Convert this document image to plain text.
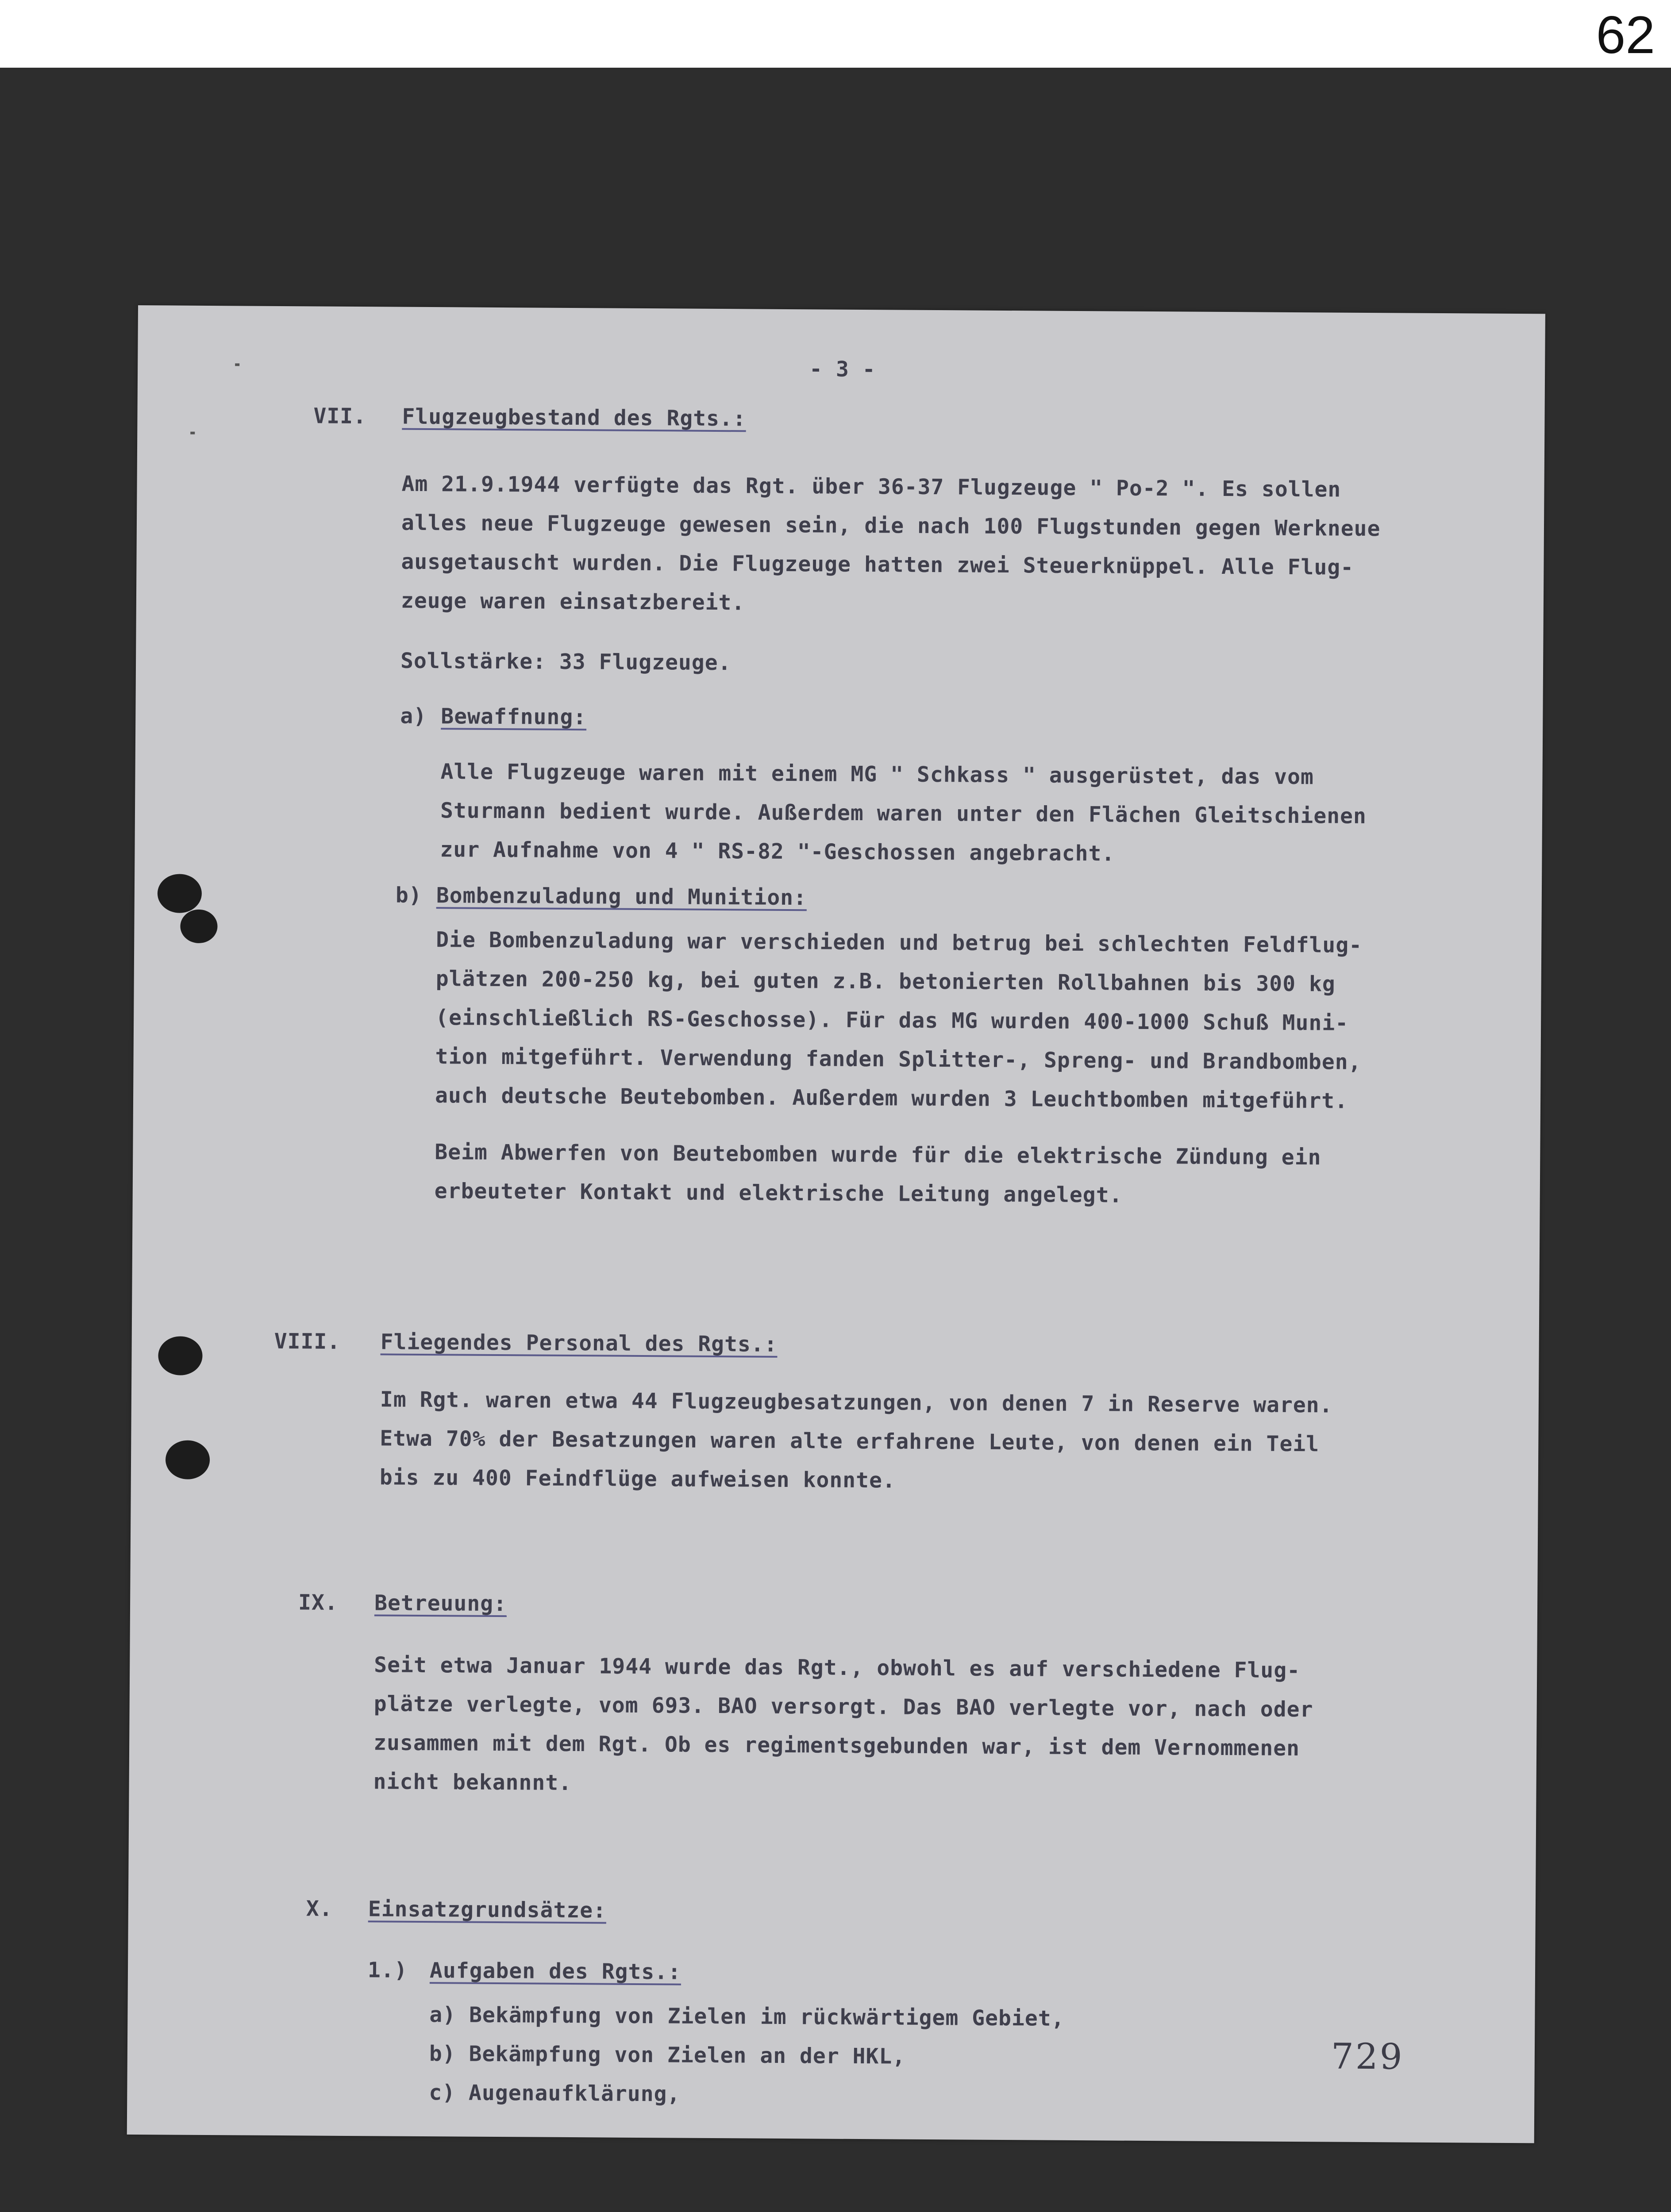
62
- 3 -
VII. Flugzeugbestand des Rgts.:
Am 21.9.1944 verfügte das Rgt. über 36-37 Flugzeuge " Po-2 ". Es sollen
alles neue Flugzeuge gewesen sein, die nach 100 Flugstunden gegen Werkneue
ausgetauscht wurden. Die Flugzeuge hatten zwei Steuerknüppel. Alle Flug-
zeuge waren einsatzbereit.
Sollstärke: 33 Flugzeuge.
a) Bewaffnung:
Alle Flugzeuge waren mit einem MG " Schkass " ausgerüstet, das vom
Sturmann bedient wurde. Außerdem waren unter den Flächen Gleitschienen
zur Aufnahme von 4 " RS-82 "-Geschossen angebracht.
b) Bombenzuladung und Munition:
Die Bombenzuladung war verschieden und betrug bei schlechten Feldflug-
plätzen 200-250 kg, bei guten z.B. betonierten Rollbahnen bis 300 kg
(einschließlich RS-Geschosse). Für das MG wurden 400-1000 Schuß Muni-
tion mitgeführt. Verwendung fanden Splitter-, Spreng- und Brandbomben,
auch deutsche Beutebomben. Außerdem wurden 3 Leuchtbomben mitgeführt.
Beim Abwerfen von Beutebomben wurde für die elektrische Zündung ein
erbeuteter Kontakt und elektrische Leitung angelegt.
VIII. Fliegendes Personal des Rgts.:
Im Rgt. waren etwa 44 Flugzeugbesatzungen, von denen 7 in Reserve waren.
Etwa 70% der Besatzungen waren alte erfahrene Leute, von denen ein Teil
bis zu 400 Feindflüge aufweisen konnte.
IX. Betreuung:
Seit etwa Januar 1944 wurde das Rgt., obwohl es auf verschiedene Flug-
plätze verlegte, vom 693. BAO versorgt. Das BAO verlegte vor, nach oder
zusammen mit dem Rgt. Ob es regimentsgebunden war, ist dem Vernommenen
nicht bekannnt.
X. Einsatzgrundsätze:
1.) Aufgaben des Rgts.:
a) Bekämpfung von Zielen im rückwärtigem Gebiet,
b) Bekämpfung von Zielen an der HKL,
c) Augenaufklärung,
729
